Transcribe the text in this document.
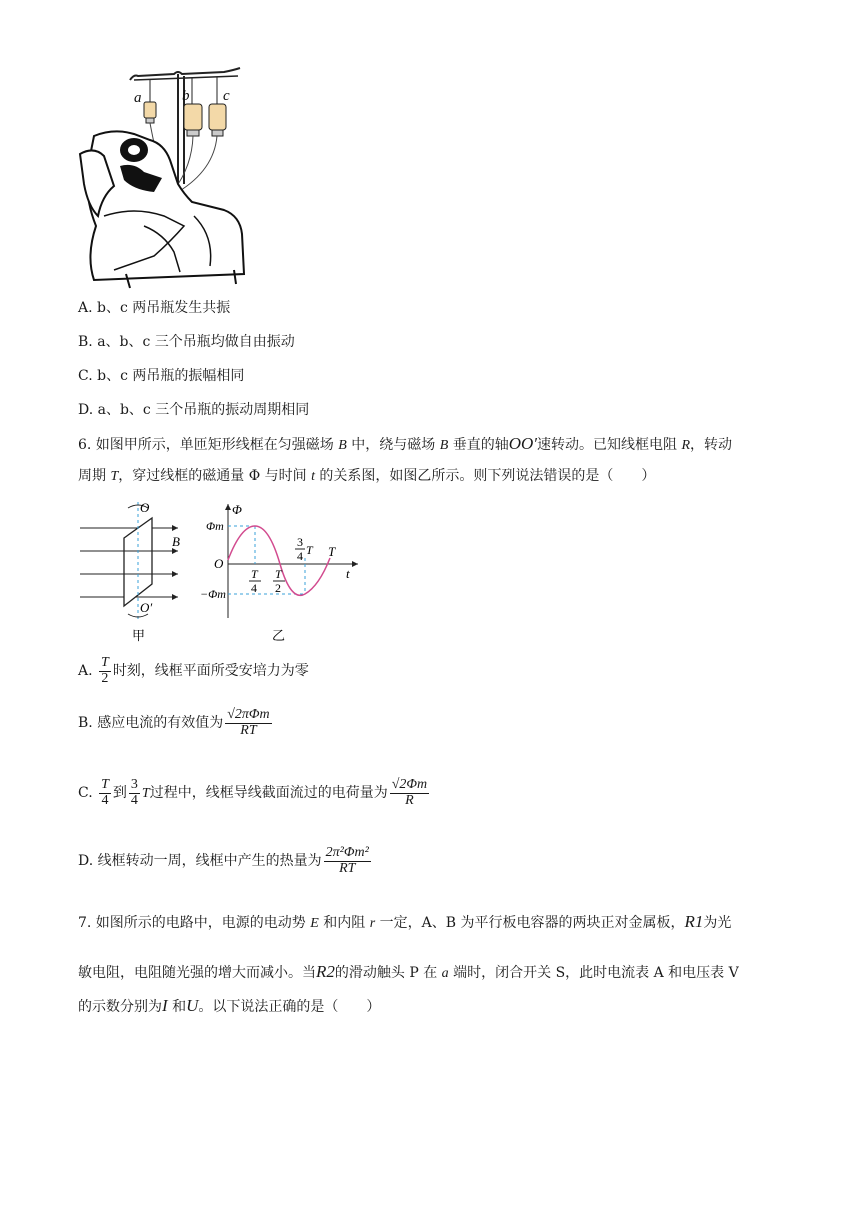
a	b c
A. b、c 两吊瓶发生共振
B. a、b、c 三个吊瓶均做自由振动
C. b、c 两吊瓶的振幅相同
D. a、b、c 三个吊瓶的振动周期相同
6. 如图甲所示，单匝矩形线框在匀强磁场 B 中，绕与磁场 B 垂直的轴OO′速转动。已知线框电阻 R，转动
周期 T，穿过线框的磁通量 Φ 与时间 t 的关系图，如图乙所示。则下列说法错误的是（　　）
O
O′
B
甲
Φ
Φm
O
−Φm
t
T
T
4
T
2
3
4 T
乙
A. $\frac{T}{2}$ 时刻，线框平面所受安培力为零
B. 感应电流的有效值为 $\frac{\text{√2πΦm}}{RT}$
C. $\frac{T}{4}$ 到 $\frac{3}{4}$ T过程中，线框导线截面流过的电荷量为 $\frac{√2\Phi m}{R}$
D. 线框转动一周，线框中产生的热量为 $\frac{\text{2π²Φm²}}{RT}$
7. 如图所示的电路中，电源的电动势 E 和内阻 r 一定，A、B 为平行板电容器的两块正对金属板，R1为光
敏电阻，电阻随光强的增大而减小。当R2的滑动触头 P 在 a 端时，闭合开关 S，此时电流表 A 和电压表 V
的示数分别为I 和U。以下说法正确的是（　　）
